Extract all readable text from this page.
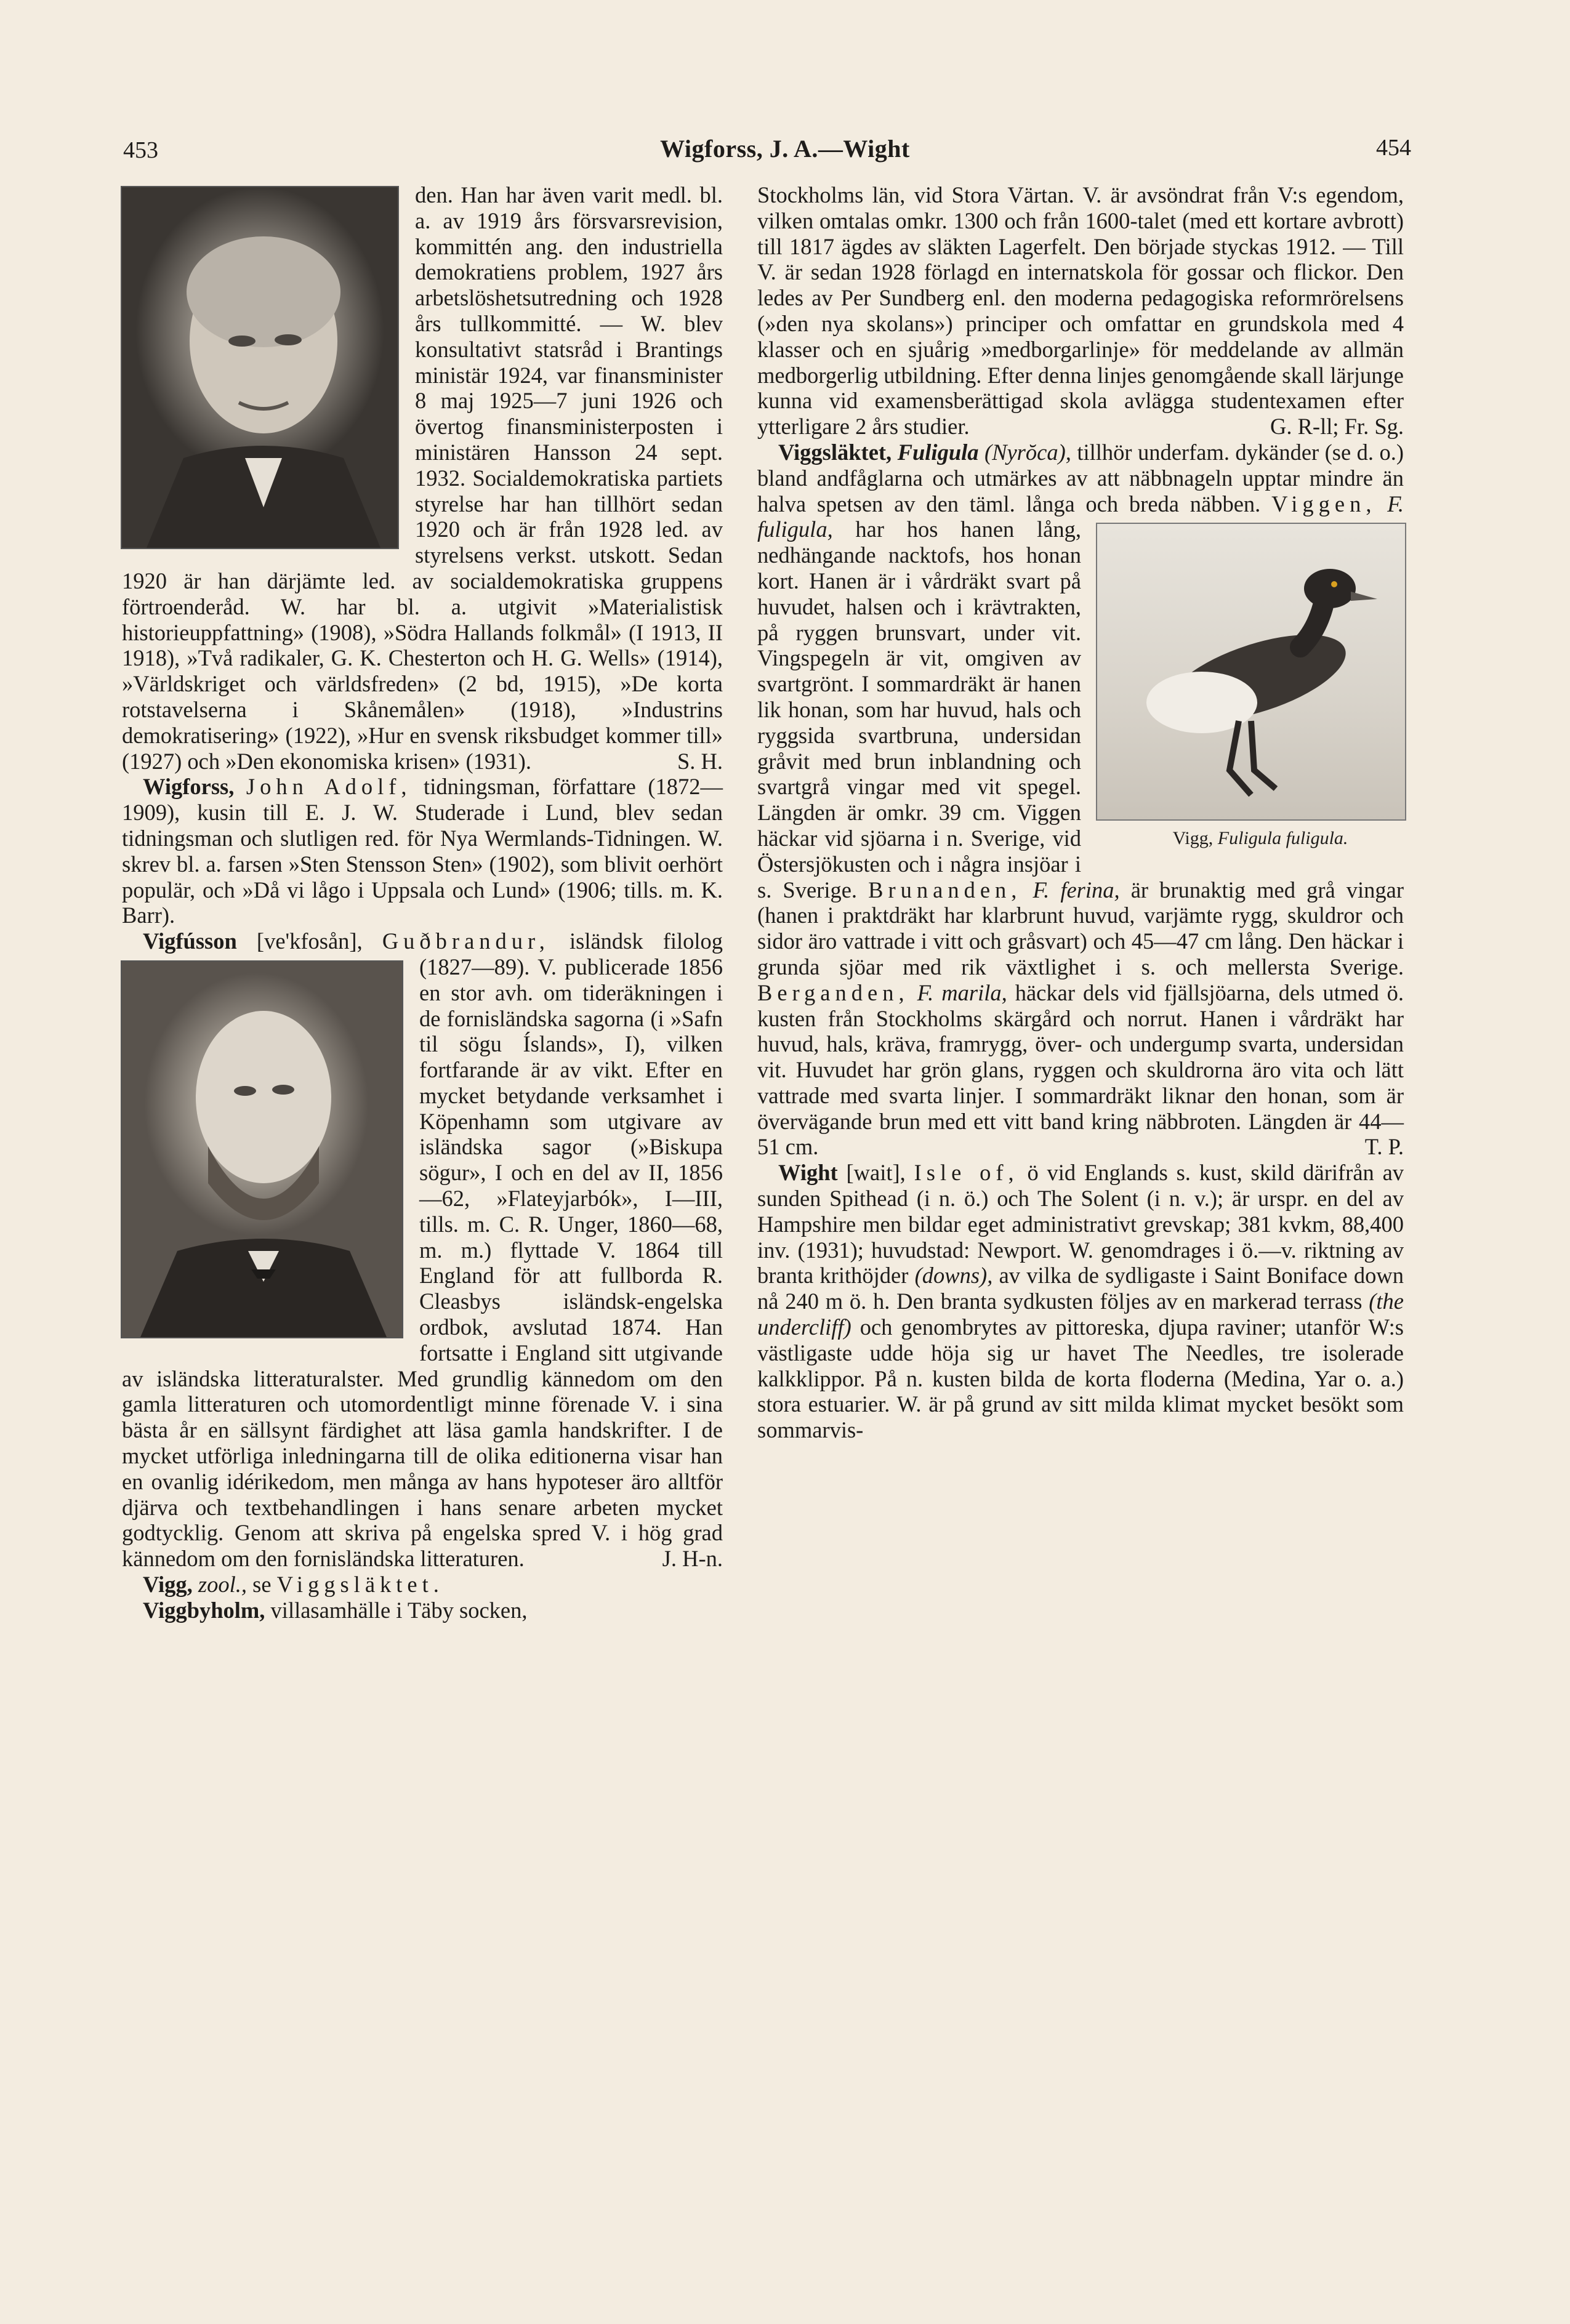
453	Wigforss, J. A.—Wight	454

den. Han har även varit medl. bl. a. av 1919 års försvarsrevision, kommittén ang. den industriella demokratiens problem, 1927 års arbetslöshetsutredning och 1928 års tullkommitté. — W. blev konsultativt statsråd i Brantings ministär 1924, var finansminister 8 maj 1925—7 juni 1926 och övertog finansministerposten i ministären Hansson 24 sept. 1932. Socialdemokratiska partiets styrelse har han tillhört sedan 1920 och är från 1928 led. av styrelsens verkst. utskott. Sedan 1920 är han därjämte led. av socialdemokratiska gruppens förtroenderåd. W. har bl. a. utgivit »Materialistisk historieuppfattning» (1908), »Södra Hallands folkmål» (I 1913, II 1918), »Två radikaler, G. K. Chesterton och H. G. Wells» (1914), »Världskriget och världsfreden» (2 bd, 1915), »De korta rotstavelserna i Skånemålen» (1918), »Industrins demokratisering» (1922), »Hur en svensk riksbudget kommer till» (1927) och »Den ekonomiska krisen» (1931).	S. H.

Wigforss, John Adolf, tidningsman, författare (1872—1909), kusin till E. J. W. Studerade i Lund, blev sedan tidningsman och slutligen red. för Nya Wermlands-Tidningen. W. skrev bl. a. farsen »Sten Stensson Sten» (1902), som blivit oerhört populär, och »Då vi lågo i Uppsala och Lund» (1906; tills. m. K. Barr).

Vigfússon [ve'kfosån], Guðbrandur, isländsk filolog (1827—89). V. publicerade 1856 en stor avh. om tideräkningen i de fornisländska sagorna (i »Safn til sögu Íslands», I), vilken fortfarande är av vikt. Efter en mycket betydande verksamhet i Köpenhamn som utgivare av isländska sagor (»Biskupa sögur», I och en del av II, 1856—62, »Flateyjarbók», I—III, tills. m. C. R. Unger, 1860—68, m. m.) flyttade V. 1864 till England för att fullborda R. Cleasbys isländsk-engelska ordbok, avslutad 1874. Han fortsatte i England sitt utgivande av isländska litteraturalster. Med grundlig kännedom om den gamla litteraturen och utomordentligt minne förenade V. i sina bästa år en sällsynt färdighet att läsa gamla handskrifter. I de mycket utförliga inledningarna till de olika editionerna visar han en ovanlig idérikedom, men många av hans hypoteser äro alltför djärva och textbehandlingen i hans senare arbeten mycket godtycklig. Genom att skriva på engelska spred V. i hög grad kännedom om den fornisländska litteraturen.	J. H-n.

Vigg, zool., se Viggsläktet.

Viggbyholm, villasamhälle i Täby socken,

Stockholms län, vid Stora Värtan. V. är avsöndrat från V:s egendom, vilken omtalas omkr. 1300 och från 1600-talet (med ett kortare avbrott) till 1817 ägdes av släkten Lagerfelt. Den började styckas 1912. — Till V. är sedan 1928 förlagd en internatskola för gossar och flickor. Den ledes av Per Sundberg enl. den moderna pedagogiska reformrörelsens (»den nya skolans») principer och omfattar en grundskola med 4 klasser och en sjuårig »medborgarlinje» för meddelande av allmän medborgerlig utbildning. Efter denna linjes genomgående skall lärjunge kunna vid examensberättigad skola avlägga studentexamen efter ytterligare 2 års studier.	G. R-ll; Fr. Sg.

Viggsläktet, Fuligula (Nyrŏca), tillhör underfam. dykänder (se d. o.) bland andfåglarna och utmärkes av att näbbnageln upptar mindre än halva spetsen av den täml. långa och breda näbben.
Vigg, Fuligula fuligula.
Viggen, F. fuligula, har hos hanen lång, nedhängande nacktofs, hos honan kort. Hanen är i vårdräkt svart på huvudet, halsen och i krävtrakten, på ryggen brunsvart, under vit. Vingspegeln är vit, omgiven av svartgrönt. I sommardräkt är hanen lik honan, som har huvud, hals och ryggsida svartbruna, undersidan gråvit med brun inblandning och svartgrå vingar med vit spegel. Längden är omkr. 39 cm. Viggen häckar vid sjöarna i n. Sverige, vid Östersjökusten och i några insjöar i s. Sverige. Brunanden, F. ferina, är brunaktig med grå vingar (hanen i praktdräkt har klarbrunt huvud, varjämte rygg, skuldror och sidor äro vattrade i vitt och gråsvart) och 45—47 cm lång. Den häckar i grunda sjöar med rik växtlighet i s. och mellersta Sverige. Berganden, F. marila, häckar dels vid fjällsjöarna, dels utmed ö. kusten från Stockholms skärgård och norrut. Hanen i vårdräkt har huvud, hals, kräva, framrygg, över- och undergump svarta, undersidan vit. Huvudet har grön glans, ryggen och skuldrorna äro vita och lätt vattrade med svarta linjer. I sommardräkt liknar den honan, som är övervägande brun med ett vitt band kring näbbroten. Längden är 44—51 cm.	T. P.

Wight [wait], Isle of, ö vid Englands s. kust, skild därifrån av sunden Spithead (i n. ö.) och The Solent (i n. v.); är urspr. en del av Hampshire men bildar eget administrativt grevskap; 381 kvkm, 88,400 inv. (1931); huvudstad: Newport. W. genomdrages i ö.—v. riktning av branta krithöjder (downs), av vilka de sydligaste i Saint Boniface down nå 240 m ö. h. Den branta sydkusten följes av en markerad terrass (the undercliff) och genombrytes av pittoreska, djupa raviner; utanför W:s västligaste udde höja sig ur havet The Needles, tre isolerade kalkklippor. På n. kusten bilda de korta floderna (Medina, Yar o. a.) stora estuarier. W. är på grund av sitt milda klimat mycket besökt som sommarvis-
